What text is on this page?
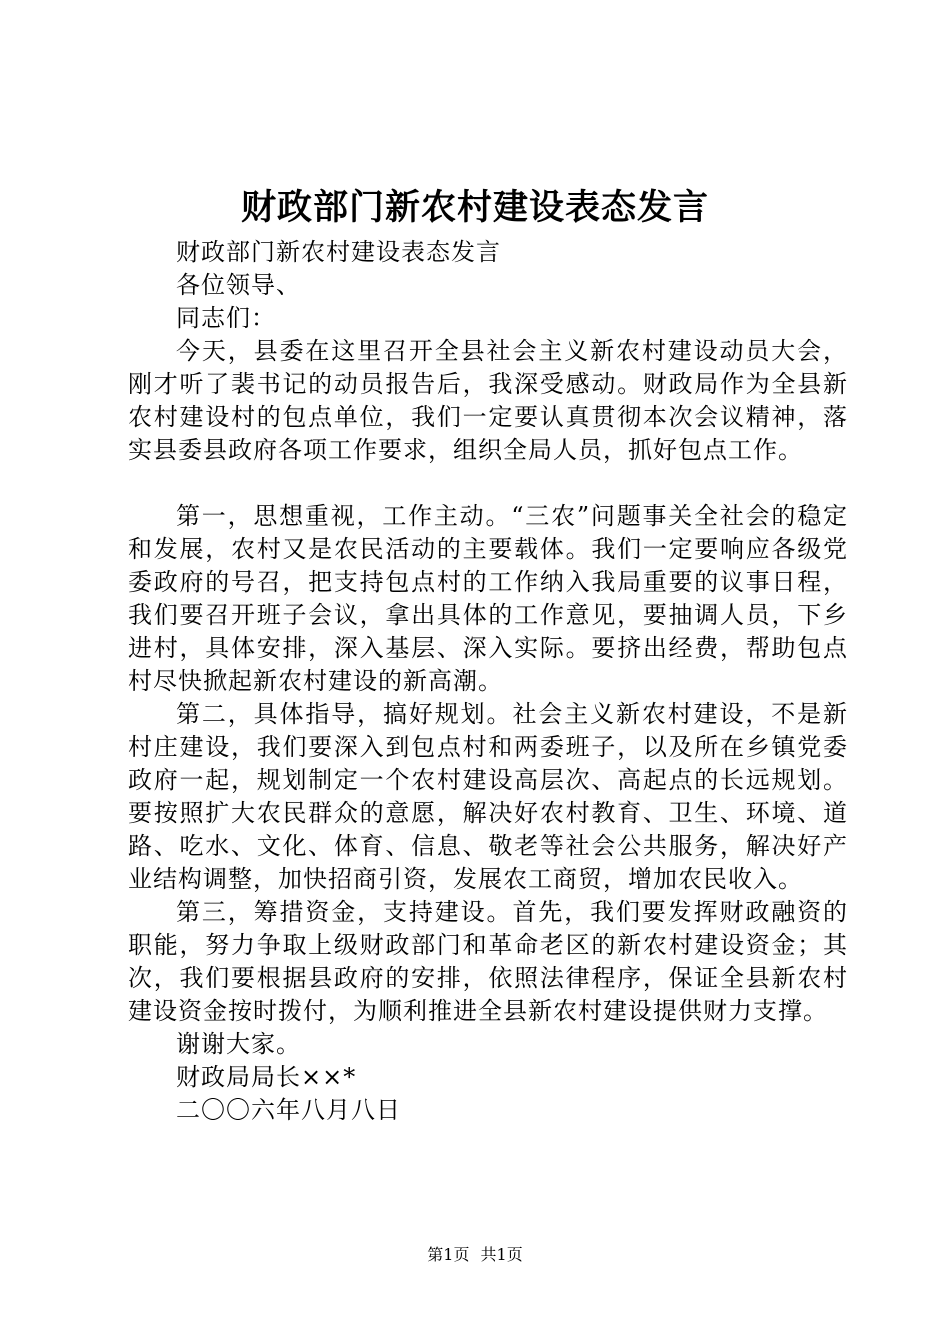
财政部门新农村建设表态发言

财政部门新农村建设表态发言

各位领导、

同志们：

今天，县委在这里召开全县社会主义新农村建设动员大会，刚才听了裴书记的动员报告后，我深受感动。财政局作为全县新农村建设村的包点单位，我们一定要认真贯彻本次会议精神，落实县委县政府各项工作要求，组织全局人员，抓好包点工作。

第一，思想重视，工作主动。“三农”问题事关全社会的稳定和发展，农村又是农民活动的主要载体。我们一定要响应各级党委政府的号召，把支持包点村的工作纳入我局重要的议事日程，我们要召开班子会议，拿出具体的工作意见，要抽调人员，下乡进村，具体安排，深入基层、深入实际。要挤出经费，帮助包点村尽快掀起新农村建设的新高潮。

第二，具体指导，搞好规划。社会主义新农村建设，不是新村庄建设，我们要深入到包点村和两委班子，以及所在乡镇党委政府一起，规划制定一个农村建设高层次、高起点的长远规划。要按照扩大农民群众的意愿，解决好农村教育、卫生、环境、道路、吃水、文化、体育、信息、敬老等社会公共服务，解决好产业结构调整，加快招商引资，发展农工商贸，增加农民收入。

第三，筹措资金，支持建设。首先，我们要发挥财政融资的职能，努力争取上级财政部门和革命老区的新农村建设资金；其次，我们要根据县政府的安排，依照法律程序，保证全县新农村建设资金按时拨付，为顺利推进全县新农村建设提供财力支撑。

谢谢大家。

财政局局长××*

二〇〇六年八月八日

第1页 共1页
